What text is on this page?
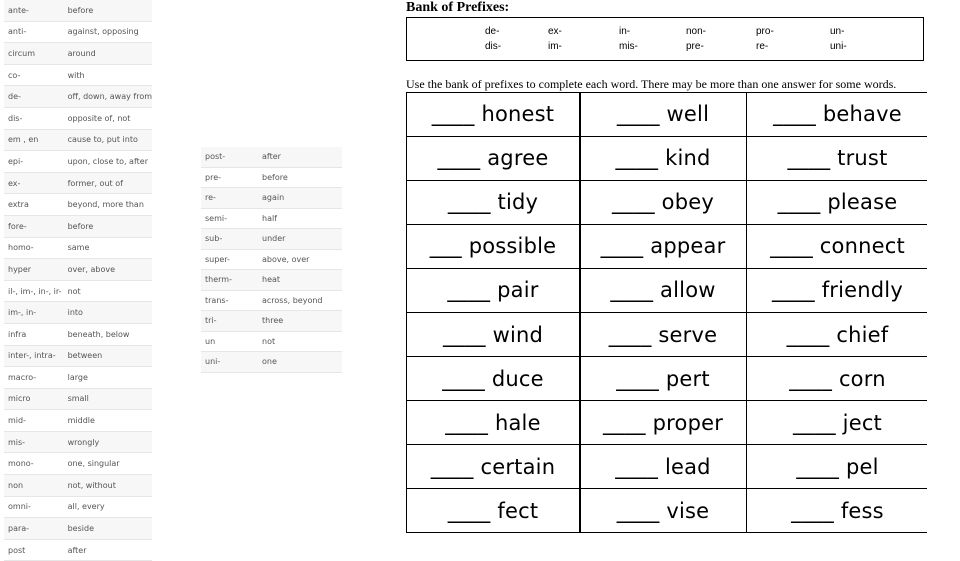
ante-	before
anti-	against, opposing
circum	around
co-	with
de-	off, down, away from
dis-	opposite of, not
em , en	cause to, put into
epi-	upon, close to, after
ex-	former, out of
extra	beyond, more than
fore-	before
homo-	same
hyper	over, above
il-, im-, in-, ir-	not
im-, in-	into
infra	beneath, below
inter-, intra-	between
macro-	large
micro	small
mid-	middle
mis-	wrongly
mono-	one, singular
non	not, without
omni-	all, every
para-	beside
post	after
post-	after
pre-	before
re-	again
semi-	half
sub-	under
super-	above, over
therm-	heat
trans-	across, beyond
tri-	three
un	not
uni-	one
Bank of Prefixes:
de-	ex-	in-	non-	pro-	un-
dis-	im-	mis-	pre-	re-	uni-
Use the bank of prefixes to complete each word. There may be more than one answer for some words.
____ honest	____ well	____ behave
____ agree	____ kind	____ trust
____ tidy	____ obey	____ please
___ possible	____ appear	____ connect
____ pair	____ allow	____ friendly
____ wind	____ serve	____ chief
____ duce	____ pert	____ corn
____ hale	____ proper	____ ject
____ certain	____ lead	____ pel
____ fect	____ vise	____ fess
